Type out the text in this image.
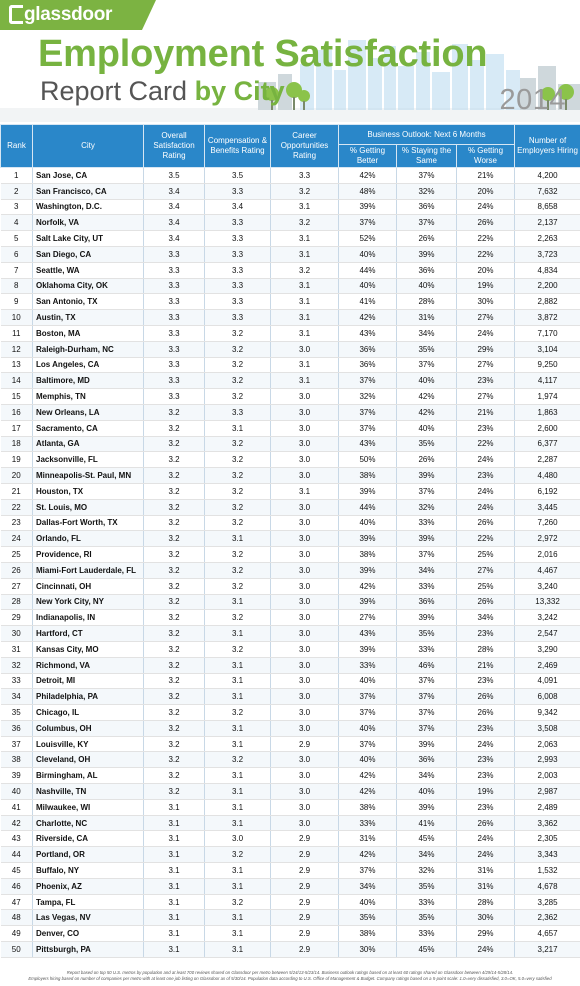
glassdoor
Employment Satisfaction
Report Card by City	2014
Rank	City	Overall Satisfaction Rating	Compensation & Benefits Rating	Career Opportunities Rating	Business Outlook: Next 6 Months			Number of Employers Hiring
					% Getting Better	% Staying the Same	% Getting Worse	
1	San Jose, CA	3.5	3.5	3.3	42%	37%	21%	4,200
2	San Francisco, CA	3.4	3.3	3.2	48%	32%	20%	7,632
3	Washington, D.C.	3.4	3.4	3.1	39%	36%	24%	8,658
4	Norfolk, VA	3.4	3.3	3.2	37%	37%	26%	2,137
5	Salt Lake City, UT	3.4	3.3	3.1	52%	26%	22%	2,263
6	San Diego, CA	3.3	3.3	3.1	40%	39%	22%	3,723
7	Seattle, WA	3.3	3.3	3.2	44%	36%	20%	4,834
8	Oklahoma City, OK	3.3	3.3	3.1	40%	40%	19%	2,200
9	San Antonio, TX	3.3	3.3	3.1	41%	28%	30%	2,882
10	Austin, TX	3.3	3.3	3.1	42%	31%	27%	3,872
11	Boston, MA	3.3	3.2	3.1	43%	34%	24%	7,170
12	Raleigh-Durham, NC	3.3	3.2	3.0	36%	35%	29%	3,104
13	Los Angeles, CA	3.3	3.2	3.1	36%	37%	27%	9,250
14	Baltimore, MD	3.3	3.2	3.1	37%	40%	23%	4,117
15	Memphis, TN	3.3	3.2	3.0	32%	42%	27%	1,974
16	New Orleans, LA	3.2	3.3	3.0	37%	42%	21%	1,863
17	Sacramento, CA	3.2	3.1	3.0	37%	40%	23%	2,600
18	Atlanta, GA	3.2	3.2	3.0	43%	35%	22%	6,377
19	Jacksonville, FL	3.2	3.2	3.0	50%	26%	24%	2,287
20	Minneapolis-St. Paul, MN	3.2	3.2	3.0	38%	39%	23%	4,480
21	Houston, TX	3.2	3.2	3.1	39%	37%	24%	6,192
22	St. Louis, MO	3.2	3.2	3.0	44%	32%	24%	3,445
23	Dallas-Fort Worth, TX	3.2	3.2	3.0	40%	33%	26%	7,260
24	Orlando, FL	3.2	3.1	3.0	39%	39%	22%	2,972
25	Providence, RI	3.2	3.2	3.0	38%	37%	25%	2,016
26	Miami-Fort Lauderdale, FL	3.2	3.2	3.0	39%	34%	27%	4,467
27	Cincinnati, OH	3.2	3.2	3.0	42%	33%	25%	3,240
28	New York City, NY	3.2	3.1	3.0	39%	36%	26%	13,332
29	Indianapolis, IN	3.2	3.2	3.0	27%	39%	34%	3,242
30	Hartford, CT	3.2	3.1	3.0	43%	35%	23%	2,547
31	Kansas City, MO	3.2	3.2	3.0	39%	33%	28%	3,290
32	Richmond, VA	3.2	3.1	3.0	33%	46%	21%	2,469
33	Detroit, MI	3.2	3.1	3.0	40%	37%	23%	4,091
34	Philadelphia, PA	3.2	3.1	3.0	37%	37%	26%	6,008
35	Chicago, IL	3.2	3.2	3.0	37%	37%	26%	9,342
36	Columbus, OH	3.2	3.1	3.0	40%	37%	23%	3,508
37	Louisville, KY	3.2	3.1	2.9	37%	39%	24%	2,063
38	Cleveland, OH	3.2	3.2	3.0	40%	36%	23%	2,993
39	Birmingham, AL	3.2	3.1	3.0	42%	34%	23%	2,003
40	Nashville, TN	3.2	3.1	3.0	42%	40%	19%	2,987
41	Milwaukee, WI	3.1	3.1	3.0	38%	39%	23%	2,489
42	Charlotte, NC	3.1	3.1	3.0	33%	41%	26%	3,362
43	Riverside, CA	3.1	3.0	2.9	31%	45%	24%	2,305
44	Portland, OR	3.1	3.2	2.9	42%	34%	24%	3,343
45	Buffalo, NY	3.1	3.1	2.9	37%	32%	31%	1,532
46	Phoenix, AZ	3.1	3.1	2.9	34%	35%	31%	4,678
47	Tampa, FL	3.1	3.2	2.9	40%	33%	28%	3,285
48	Las Vegas, NV	3.1	3.1	2.9	35%	35%	30%	2,362
49	Denver, CO	3.1	3.1	2.9	38%	33%	29%	4,657
50	Pittsburgh, PA	3.1	3.1	2.9	30%	45%	24%	3,217
Report based on top 50 U.S. metros by population and at least 700 reviews shared on Glassdoor per metro between 5/24/13-5/23/14. Business outlook ratings based on at least 60 ratings shared on Glassdoor between 4/29/14-5/28/14.
Employers hiring based on number of companies per metro with at least one job listing on Glassdoor as of 5/30/14. Population data according to U.S. Office of Management & Budget. Company ratings based on a 5-point scale: 1.0=very dissatisfied, 3.0=OK, 5.0=very satisfied
